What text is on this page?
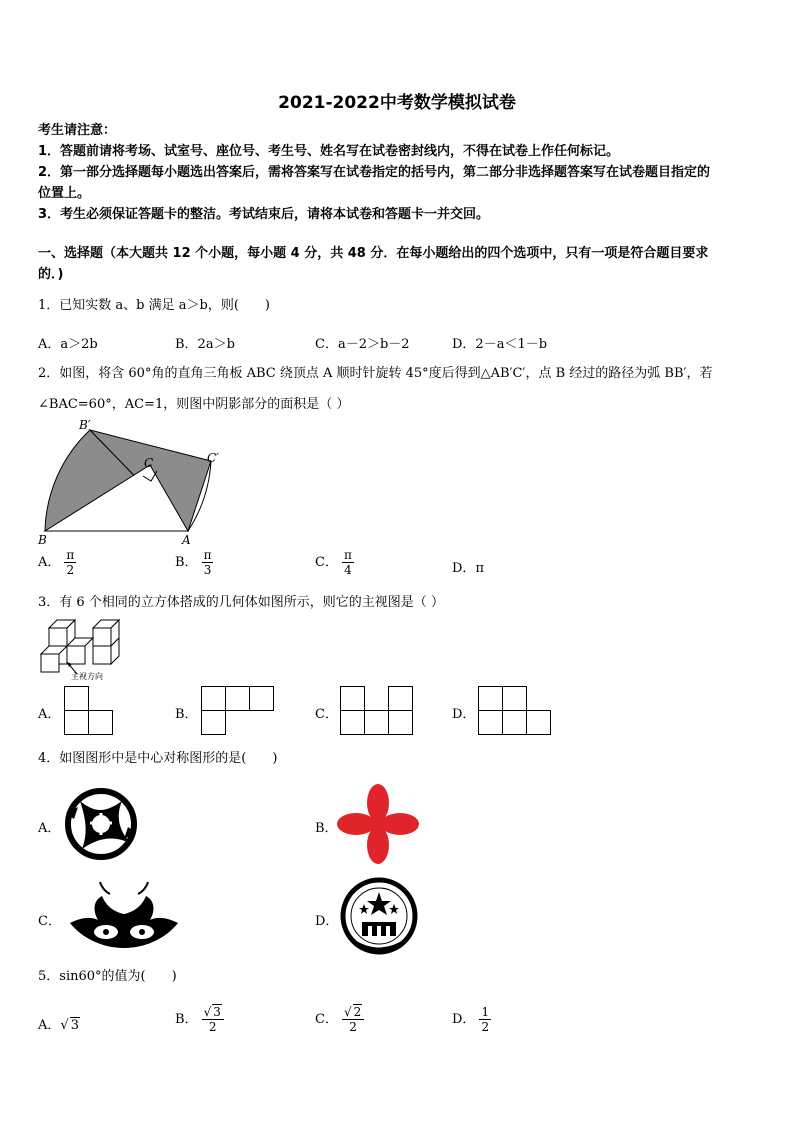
2021-2022中考数学模拟试卷
考生请注意：
1．答题前请将考场、试室号、座位号、考生号、姓名写在试卷密封线内，不得在试卷上作任何标记。
2．第一部分选择题每小题选出答案后，需将答案写在试卷指定的括号内，第二部分非选择题答案写在试卷题目指定的
位置上。
3．考生必须保证答题卡的整洁。考试结束后，请将本试卷和答题卡一并交回。
一、选择题（本大题共 12 个小题，每小题 4 分，共 48 分．在每小题给出的四个选项中，只有一项是符合题目要求
的．)
1．已知实数 a、b 满足 a＞b，则(　　)
A．a＞2b	B．2a＞b	C．a－2＞b－2	D．2－a＜1－b
2．如图，将含 60°角的直角三角板 ABC 绕顶点 A 顺时针旋转 45°度后得到△AB′C′，点 B 经过的路径为弧 BB′，若
∠BAC=60°，AC=1，则图中阴影部分的面积是（ ）
B′
C	C′
B	A
A． $\frac{\pi}{2}$	B． $\frac{\pi}{3}$	C． $\frac{\pi}{4}$	D．π
3．有 6 个相同的立方体搭成的几何体如图所示，则它的主视图是（ ）
主视方向
A．	B．	C．	D．
4．如图图形中是中心对称图形的是(　　)
A．	B．
C．	D．
5．sin60°的值为(　　)
A．√ 3	B． $\frac{√ 3}{2}$	C． $\frac{√ 2}{2}$	D． $\frac{1}{2}$
